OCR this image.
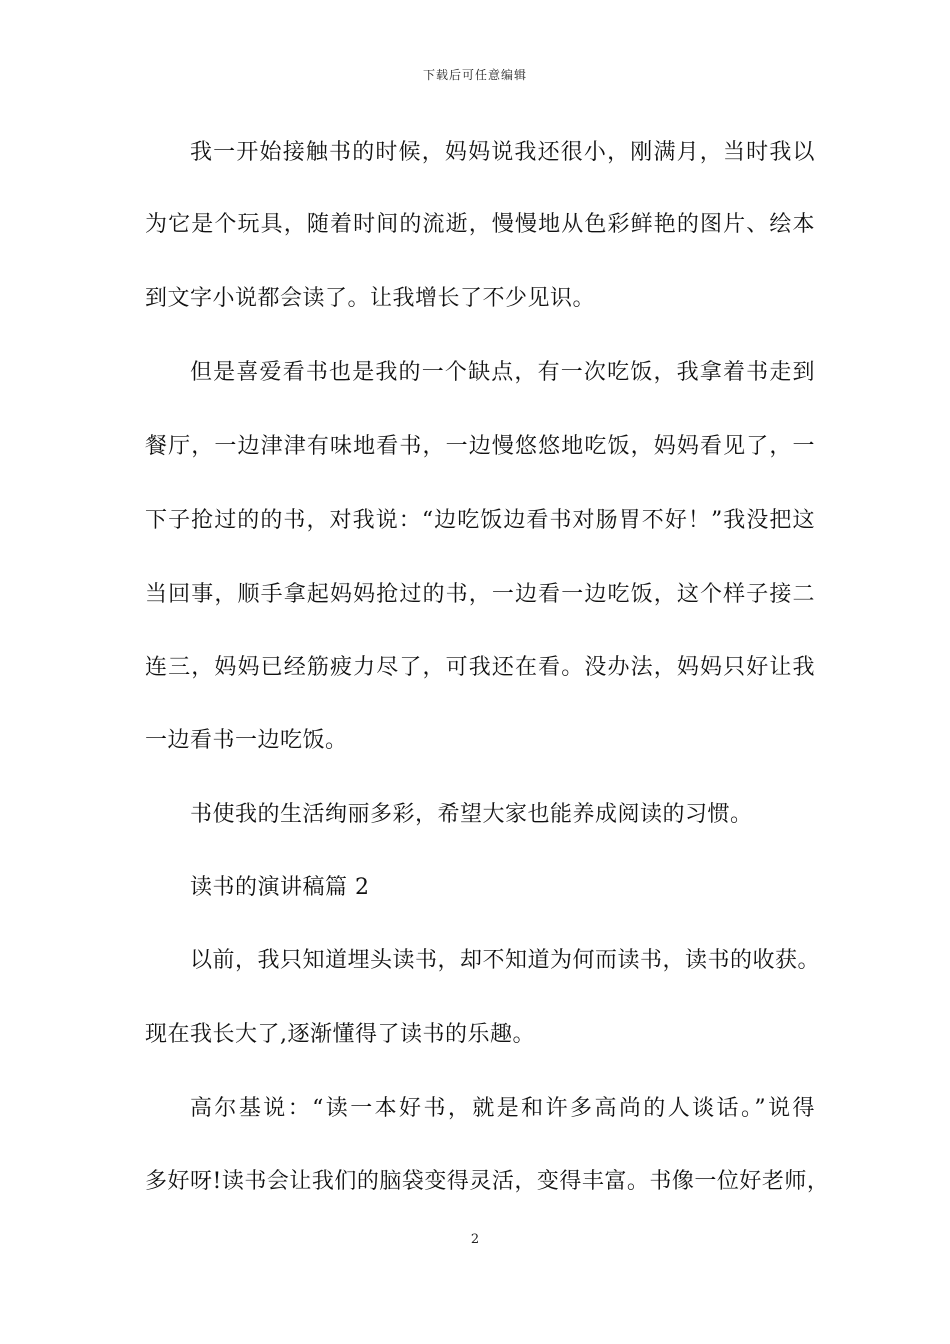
下载后可任意编辑
我一开始接触书的时候，妈妈说我还很小，刚满月，当时我以
为它是个玩具，随着时间的流逝，慢慢地从色彩鲜艳的图片、绘本
到文字小说都会读了。让我增长了不少见识。
但是喜爱看书也是我的一个缺点，有一次吃饭，我拿着书走到
餐厅，一边津津有味地看书，一边慢悠悠地吃饭，妈妈看见了，一
下子抢过的的书，对我说：“边吃饭边看书对肠胃不好！”我没把这
当回事，顺手拿起妈妈抢过的书，一边看一边吃饭，这个样子接二
连三，妈妈已经筋疲力尽了，可我还在看。没办法，妈妈只好让我
一边看书一边吃饭。
书使我的生活绚丽多彩，希望大家也能养成阅读的习惯。
读书的演讲稿篇 2
以前，我只知道埋头读书，却不知道为何而读书，读书的收获。
现在我长大了,逐渐懂得了读书的乐趣。
高尔基说：“读一本好书，就是和许多高尚的人谈话。”说得
多好呀!读书会让我们的脑袋变得灵活，变得丰富。书像一位好老师，
2
